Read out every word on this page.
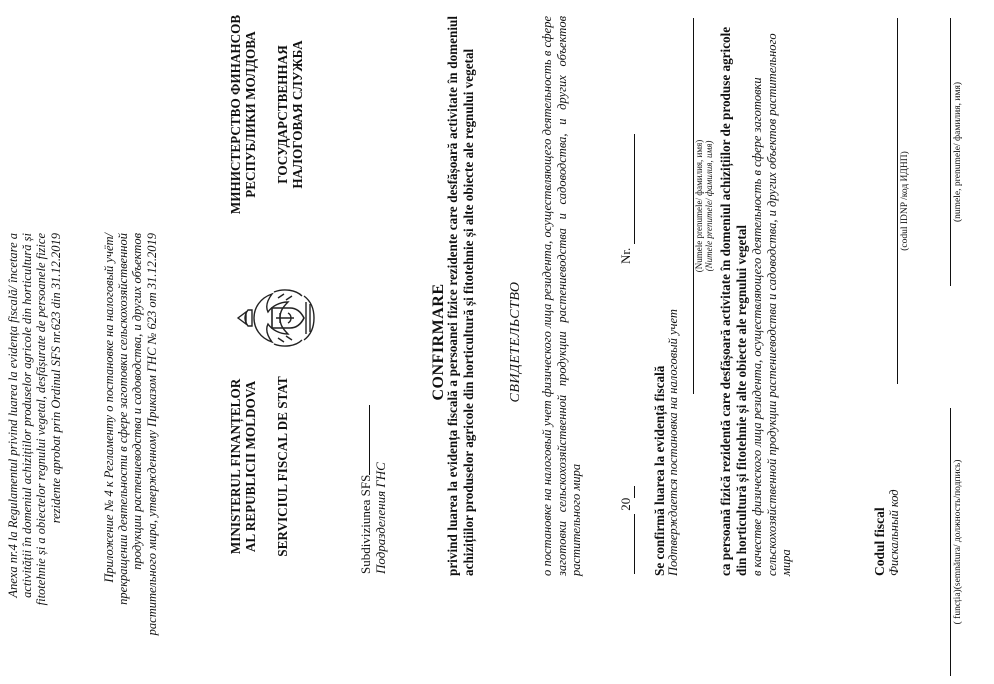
Anexa nr.4 la Regulamentul privind luarea la evidența fiscală/ încetare a activității în domeniul achizițiilor produselor agricole din horticultură și fitotehnie și a obiectelor regnului vegetal, desfășurate de persoanele fizice rezidente aprobat prin Ordinul SFS nr.623 din 31.12.2019	Приложение № 4 к Регламенту о постановке на налоговый учёт/ прекращении деятельности в сфере заготовки сельскохозяйственной продукции растениеводства и садоводства, и других объектов растительного мира, утвержденному Приказом ГНС № 623 от 31.12.2019	MINISTERUL FINANȚELOR AL REPUBLICII MOLDOVA SERVICIUL FISCAL DE STAT
МИНИСТЕРСТВО ФИНАНСОВ РЕСПУБЛИКИ МОЛДОВА ГОСУДАРСТВЕННАЯ НАЛОГОВАЯ СЛУЖБА
Subdiviziunea SFS Подразделения ГНС
CONFIRMARE
privind luarea la evidența fiscală a persoanei fizice rezidente care desfășoară activitate în domeniul achizițiilor produselor agricole din horticultură și fitotehnie și alte obiecte ale regnului vegetal СВИДЕТЕЛЬСТВО о постановке на налоговый учет физического лица резидента, осуществляющего деятельность в сфере заготовки сельскохозяйственной продукции растениеводства и садоводства, и других объектов растительного мира	20
Nr.
Se confirmă luarea la evidență fiscală Подтверждается постановка на налоговый учет
(Numele prenumele/ фамилия, имя) (Numele prenumele/ фамилия, имя) ca persoană fizică rezidentă care desfășoară activitate în domeniul achizițiilor de produse agricole din horticultură și fitotehnie și alte obiecte ale regnului vegetal в качестве физического лица резидента, осуществляющего деятельность в сфере заготовки сельскохозяйственной продукции растениеводства и садоводства, и других объектов растительного мира	Codul fiscal Фискальный код
(codul IDNP /код ИДНП)
( funcția)(semnătura/ должность/подпись)
(numele, prenumele/ фамилия, имя)
